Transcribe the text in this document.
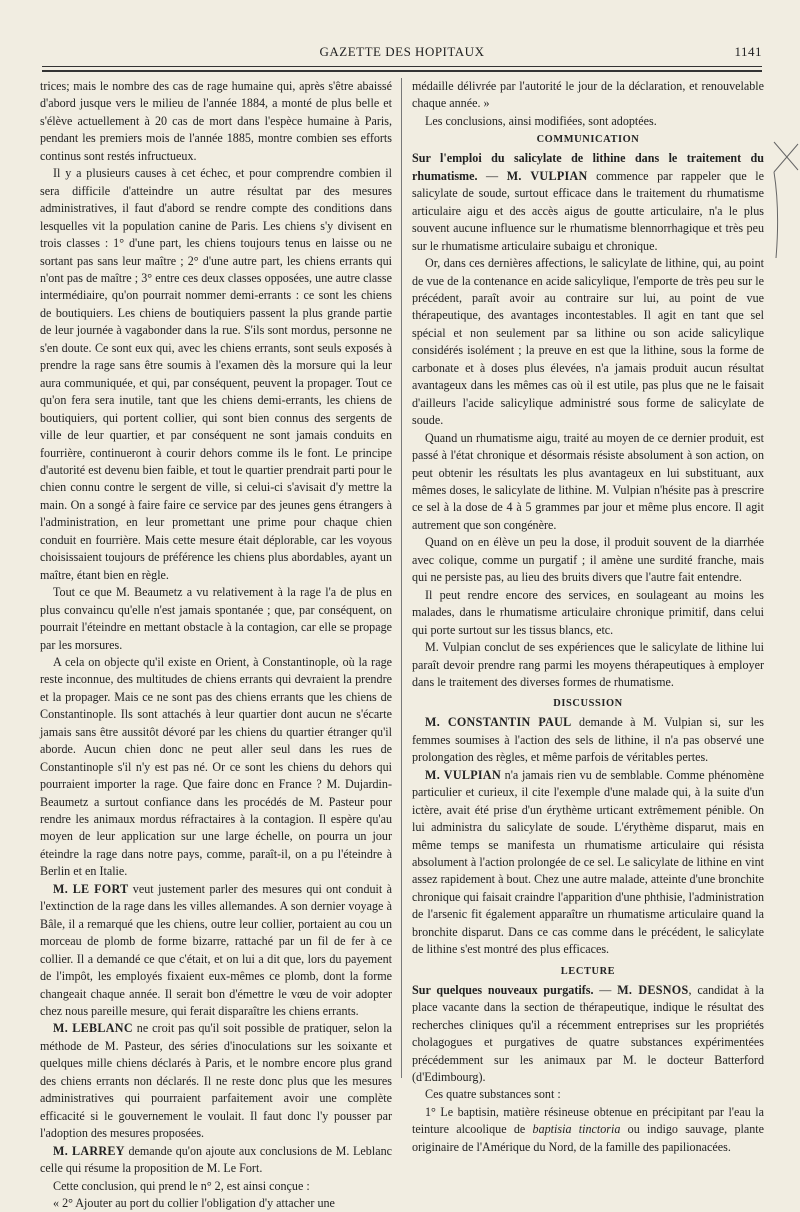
GAZETTE DES HOPITAUX	1141

trices; mais le nombre des cas de rage humaine qui, après s'être abaissé d'abord jusque vers le milieu de l'année 1884, a monté de plus belle et s'élève actuellement à 20 cas de mort dans l'espèce humaine à Paris, pendant les premiers mois de l'année 1885, montre combien ses efforts continus sont restés infructueux.

Il y a plusieurs causes à cet échec, et pour comprendre combien il sera difficile d'atteindre un autre résultat par des mesures administratives, il faut d'abord se rendre compte des conditions dans lesquelles vit la population canine de Paris. Les chiens s'y divisent en trois classes : 1° d'une part, les chiens toujours tenus en laisse ou ne sortant pas sans leur maître ; 2° d'une autre part, les chiens errants qui n'ont pas de maître ; 3° entre ces deux classes opposées, une autre classe intermédiaire, qu'on pourrait nommer demi-errants : ce sont les chiens de boutiquiers. Les chiens de boutiquiers passent la plus grande partie de leur journée à vagabonder dans la rue. S'ils sont mordus, personne ne s'en doute. Ce sont eux qui, avec les chiens errants, sont seuls exposés à prendre la rage sans être soumis à l'examen dès la morsure qui la leur aura communiquée, et qui, par conséquent, peuvent la propager. Tout ce qu'on fera sera inutile, tant que les chiens demi-errants, les chiens de boutiquiers, qui portent collier, qui sont bien connus des sergents de ville de leur quartier, et par conséquent ne sont jamais conduits en fourrière, continueront à courir dehors comme ils le font. Le principe d'autorité est devenu bien faible, et tout le quartier prendrait parti pour le chien connu contre le sergent de ville, si celui-ci s'avisait d'y mettre la main. On a songé à faire faire ce service par des jeunes gens étrangers à l'administration, en leur promettant une prime pour chaque chien conduit en fourrière. Mais cette mesure était déplorable, car les voyous choisissaient toujours de préférence les chiens plus abordables, ayant un maître, étant bien en règle.

Tout ce que M. Beaumetz a vu relativement à la rage l'a de plus en plus convaincu qu'elle n'est jamais spontanée ; que, par conséquent, on pourrait l'éteindre en mettant obstacle à la contagion, car elle se propage par les morsures.

A cela on objecte qu'il existe en Orient, à Constantinople, où la rage reste inconnue, des multitudes de chiens errants qui devraient la prendre et la propager. Mais ce ne sont pas des chiens errants que les chiens de Constantinople. Ils sont attachés à leur quartier dont aucun ne s'écarte jamais sans être aussitôt dévoré par les chiens du quartier étranger qu'il aborde. Aucun chien donc ne peut aller seul dans les rues de Constantinople s'il n'y est pas né. Or ce sont les chiens du dehors qui pourraient importer la rage. Que faire donc en France ? M. Dujardin-Beaumetz a surtout confiance dans les procédés de M. Pasteur pour rendre les animaux mordus réfractaires à la contagion. Il espère qu'au moyen de leur application sur une large échelle, on pourra un jour éteindre la rage dans notre pays, comme, paraît-il, on a pu l'éteindre à Berlin et en Italie.

M. LE FORT veut justement parler des mesures qui ont conduit à l'extinction de la rage dans les villes allemandes. A son dernier voyage à Bâle, il a remarqué que les chiens, outre leur collier, portaient au cou un morceau de plomb de forme bizarre, rattaché par un fil de fer à ce collier. Il a demandé ce que c'était, et on lui a dit que, lors du payement de l'impôt, les employés fixaient eux-mêmes ce plomb, dont la forme changeait chaque année. Il serait bon d'émettre le vœu de voir adopter chez nous pareille mesure, qui ferait disparaître les chiens errants.

M. LEBLANC ne croit pas qu'il soit possible de pratiquer, selon la méthode de M. Pasteur, des séries d'inoculations sur les soixante et quelques mille chiens déclarés à Paris, et le nombre encore plus grand des chiens errants non déclarés. Il ne reste donc plus que les mesures administratives qui pourraient parfaitement avoir une complète efficacité si le gouvernement le voulait. Il faut donc l'y pousser par l'adoption des mesures proposées.

M. LARREY demande qu'on ajoute aux conclusions de M. Leblanc celle qui résume la proposition de M. Le Fort.

Cette conclusion, qui prend le n° 2, est ainsi conçue :

« 2° Ajouter au port du collier l'obligation d'y attacher une

médaille délivrée par l'autorité le jour de la déclaration, et renouvelable chaque année. »

Les conclusions, ainsi modifiées, sont adoptées.

COMMUNICATION

Sur l'emploi du salicylate de lithine dans le traitement du rhumatisme. — M. VULPIAN commence par rappeler que le salicylate de soude, surtout efficace dans le traitement du rhumatisme articulaire aigu et des accès aigus de goutte articulaire, n'a le plus souvent aucune influence sur le rhumatisme blennorrhagique et très peu sur le rhumatisme articulaire subaigu et chronique.

Or, dans ces dernières affections, le salicylate de lithine, qui, au point de vue de la contenance en acide salicylique, l'emporte de très peu sur le précédent, paraît avoir au contraire sur lui, au point de vue thérapeutique, des avantages incontestables. Il agit en tant que sel spécial et non seulement par sa lithine ou son acide salicylique considérés isolément ; la preuve en est que la lithine, sous la forme de carbonate et à doses plus élevées, n'a jamais produit aucun résultat avantageux dans les mêmes cas où il est utile, pas plus que ne le faisait d'ailleurs l'acide salicylique administré sous forme de salicylate de soude.

Quand un rhumatisme aigu, traité au moyen de ce dernier produit, est passé à l'état chronique et désormais résiste absolument à son action, on peut obtenir les résultats les plus avantageux en lui substituant, aux mêmes doses, le salicylate de lithine. M. Vulpian n'hésite pas à prescrire ce sel à la dose de 4 à 5 grammes par jour et même plus encore. Il agit autrement que son congénère.

Quand on en élève un peu la dose, il produit souvent de la diarrhée avec colique, comme un purgatif ; il amène une surdité franche, mais qui ne persiste pas, au lieu des bruits divers que l'autre fait entendre.

Il peut rendre encore des services, en soulageant au moins les malades, dans le rhumatisme articulaire chronique primitif, dans celui qui porte surtout sur les tissus blancs, etc.

M. Vulpian conclut de ses expériences que le salicylate de lithine lui paraît devoir prendre rang parmi les moyens thérapeutiques à employer dans le traitement des diverses formes de rhumatisme.

DISCUSSION

M. CONSTANTIN PAUL demande à M. Vulpian si, sur les femmes soumises à l'action des sels de lithine, il n'a pas observé une prolongation des règles, et même parfois de véritables pertes.

M. VULPIAN n'a jamais rien vu de semblable. Comme phénomène particulier et curieux, il cite l'exemple d'une malade qui, à la suite d'un ictère, avait été prise d'un érythème urticant extrêmement pénible. On lui administra du salicylate de soude. L'érythème disparut, mais en même temps se manifesta un rhumatisme articulaire qui résista absolument à l'action prolongée de ce sel. Le salicylate de lithine en vint assez rapidement à bout. Chez une autre malade, atteinte d'une bronchite chronique qui faisait craindre l'apparition d'une phthisie, l'administration de l'arsenic fit également apparaître un rhumatisme articulaire quand la bronchite disparut. Dans ce cas comme dans le précédent, le salicylate de lithine s'est montré des plus efficaces.

LECTURE

Sur quelques nouveaux purgatifs. — M. DESNOS, candidat à la place vacante dans la section de thérapeutique, indique le résultat des recherches cliniques qu'il a récemment entreprises sur les propriétés cholagogues et purgatives de quatre substances expérimentées précédemment sur les animaux par M. le docteur Batterford (d'Edimbourg).

Ces quatre substances sont :

1° Le baptisin, matière résineuse obtenue en précipitant par l'eau la teinture alcoolique de baptisia tinctoria ou indigo sauvage, plante originaire de l'Amérique du Nord, de la famille des papilionacées.
